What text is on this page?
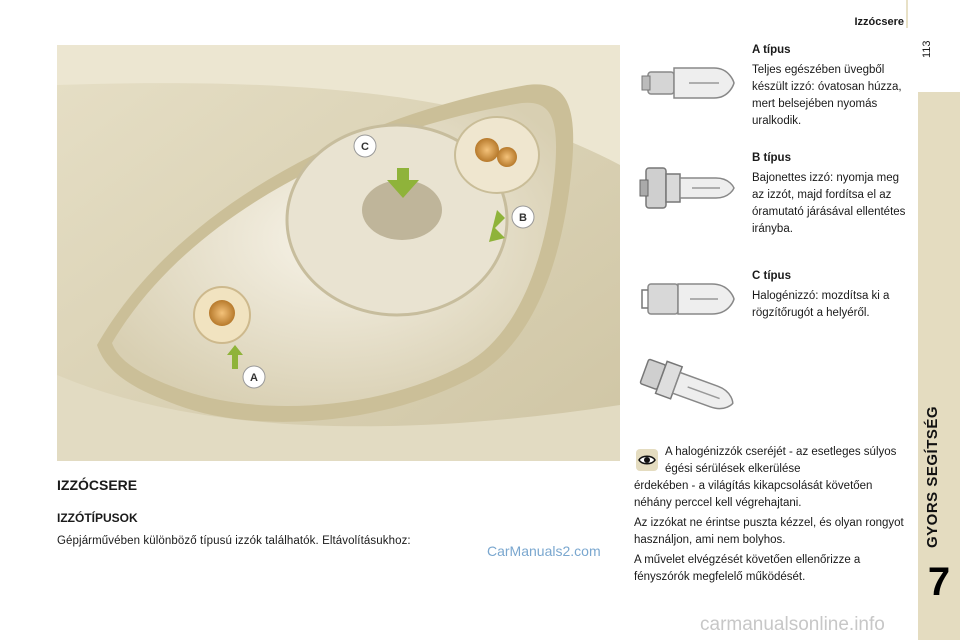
Izzócsere
113
GYORS SEGÍTSÉG
7
C
B
A
IZZÓCSERE
IZZÓTÍPUSOK
Gépjárművében különböző típusú izzók találhatók. Eltávolításukhoz:
CarManuals2.com
A típus
Teljes egészében üvegből készült izzó: óvatosan húzza, mert belsejében nyomás uralkodik.
B típus
Bajonettes izzó: nyomja meg az izzót, majd fordítsa el az óramutató járásával ellentétes irányba.
C típus
Halogénizzó: mozdítsa ki a rögzítőrugót a helyéről.
A halogénizzók cseréjét - az esetleges súlyos égési sérülések elkerülése

érdekében - a világítás kikapcsolását követően néhány perccel kell végrehajtani.

Az izzókat ne érintse puszta kézzel, és olyan rongyot használjon, ami nem bolyhos.

A művelet elvégzését követően ellenőrizze a fényszórók megfelelő működését.

carmanualsonline.info
